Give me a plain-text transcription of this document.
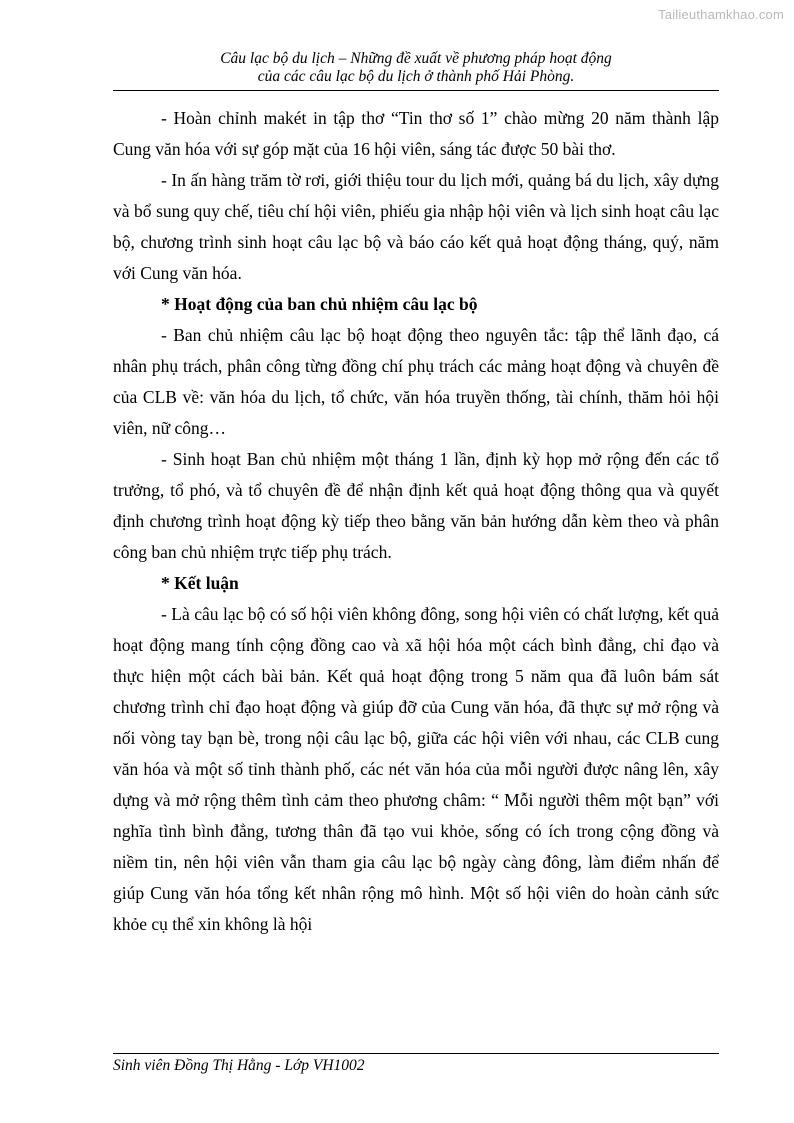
Tailieuthamkhao.com
Câu lạc bộ du lịch – Những đề xuất về phương pháp hoạt động
của các câu lạc bộ du lịch ở thành phố Hải Phòng.

- Hoàn chỉnh makét in tập thơ “Tin thơ số 1” chào mừng 20 năm thành lập Cung văn hóa với sự góp mặt của 16 hội viên, sáng tác được 50 bài thơ.

- In ấn hàng trăm tờ rơi, giới thiệu tour du lịch mới, quảng bá du lịch, xây dựng và bổ sung quy chế, tiêu chí hội viên, phiếu gia nhập hội viên và lịch sinh hoạt câu lạc bộ, chương trình sinh hoạt câu lạc bộ và báo cáo kết quả hoạt động tháng, quý, năm với Cung văn hóa.

* Hoạt động của ban chủ nhiệm câu lạc bộ

- Ban chủ nhiệm câu lạc bộ hoạt động theo nguyên tắc: tập thể lãnh đạo, cá nhân phụ trách, phân công từng đồng chí phụ trách các mảng hoạt động và chuyên đề của CLB về: văn hóa du lịch, tổ chức, văn hóa truyền thống, tài chính, thăm hỏi hội viên, nữ công…

- Sinh hoạt Ban chủ nhiệm một tháng 1 lần, định kỳ họp mở rộng đến các tổ trưởng, tổ phó, và tổ chuyên đề để nhận định kết quả hoạt động thông qua và quyết định chương trình hoạt động kỳ tiếp theo bằng văn bản hướng dẫn kèm theo và phân công ban chủ nhiệm trực tiếp phụ trách.

* Kết luận

- Là câu lạc bộ có số hội viên không đông, song hội viên có chất lượng, kết quả hoạt động mang tính cộng đồng cao và xã hội hóa một cách bình đẳng, chỉ đạo và thực hiện một cách bài bản. Kết quả hoạt động trong 5 năm qua đã luôn bám sát chương trình chỉ đạo hoạt động và giúp đỡ của Cung văn hóa, đã thực sự mở rộng và nối vòng tay bạn bè, trong nội câu lạc bộ, giữa các hội viên với nhau, các CLB cung văn hóa và một số tỉnh thành phố, các nét văn hóa của mỗi người được nâng lên, xây dựng và mở rộng thêm tình cảm theo phương châm: “ Mỗi người thêm một bạn” với nghĩa tình bình đẳng, tương thân đã tạo vui khỏe, sống có ích trong cộng đồng và niềm tin, nên hội viên vẫn tham gia câu lạc bộ ngày càng đông, làm điểm nhấn để giúp Cung văn hóa tổng kết nhân rộng mô hình. Một số hội viên do hoàn cảnh sức khỏe cụ thể xin không là hội

Sinh viên Đồng Thị Hằng - Lớp VH1002
